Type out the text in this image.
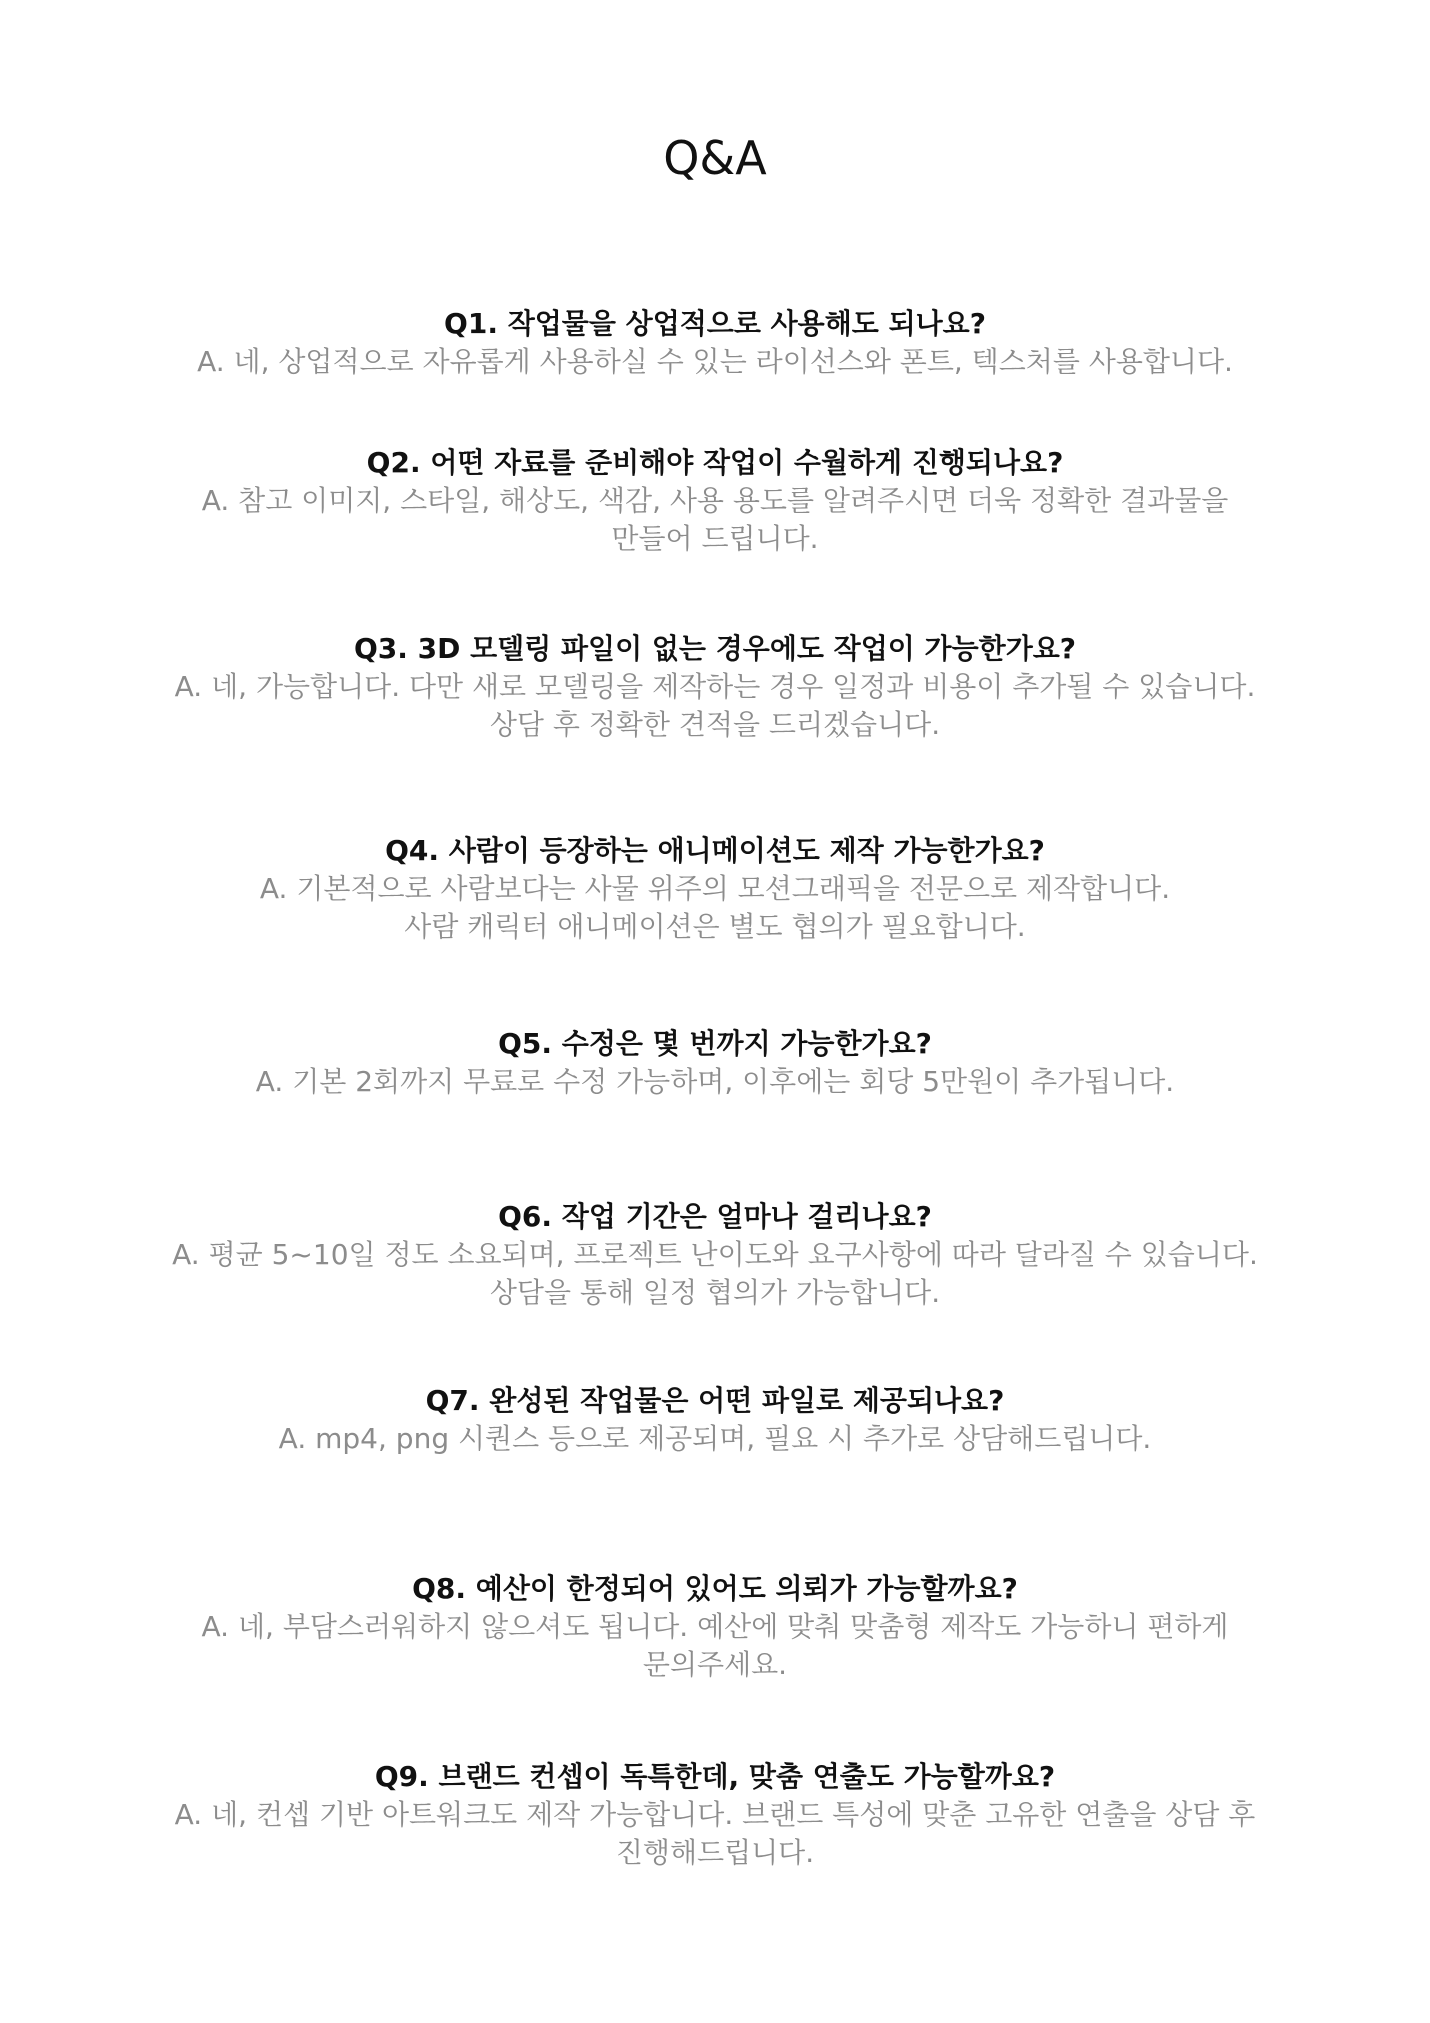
Q&A
Q1. 작업물을 상업적으로 사용해도 되나요?
A. 네, 상업적으로 자유롭게 사용하실 수 있는 라이선스와 폰트, 텍스처를 사용합니다.
Q2. 어떤 자료를 준비해야 작업이 수월하게 진행되나요?
A. 참고 이미지, 스타일, 해상도, 색감, 사용 용도를 알려주시면 더욱 정확한 결과물을
만들어 드립니다.
Q3. 3D 모델링 파일이 없는 경우에도 작업이 가능한가요?
A. 네, 가능합니다. 다만 새로 모델링을 제작하는 경우 일정과 비용이 추가될 수 있습니다.
상담 후 정확한 견적을 드리겠습니다.
Q4. 사람이 등장하는 애니메이션도 제작 가능한가요?
A. 기본적으로 사람보다는 사물 위주의 모션그래픽을 전문으로 제작합니다.
사람 캐릭터 애니메이션은 별도 협의가 필요합니다.
Q5. 수정은 몇 번까지 가능한가요?
A. 기본 2회까지 무료로 수정 가능하며, 이후에는 회당 5만원이 추가됩니다.
Q6. 작업 기간은 얼마나 걸리나요?
A. 평균 5~10일 정도 소요되며, 프로젝트 난이도와 요구사항에 따라 달라질 수 있습니다.
상담을 통해 일정 협의가 가능합니다.
Q7. 완성된 작업물은 어떤 파일로 제공되나요?
A. mp4, png 시퀀스 등으로 제공되며, 필요 시 추가로 상담해드립니다.
Q8. 예산이 한정되어 있어도 의뢰가 가능할까요?
A. 네, 부담스러워하지 않으셔도 됩니다. 예산에 맞춰 맞춤형 제작도 가능하니 편하게
문의주세요.
Q9. 브랜드 컨셉이 독특한데, 맞춤 연출도 가능할까요?
A. 네, 컨셉 기반 아트워크도 제작 가능합니다. 브랜드 특성에 맞춘 고유한 연출을 상담 후
진행해드립니다.
